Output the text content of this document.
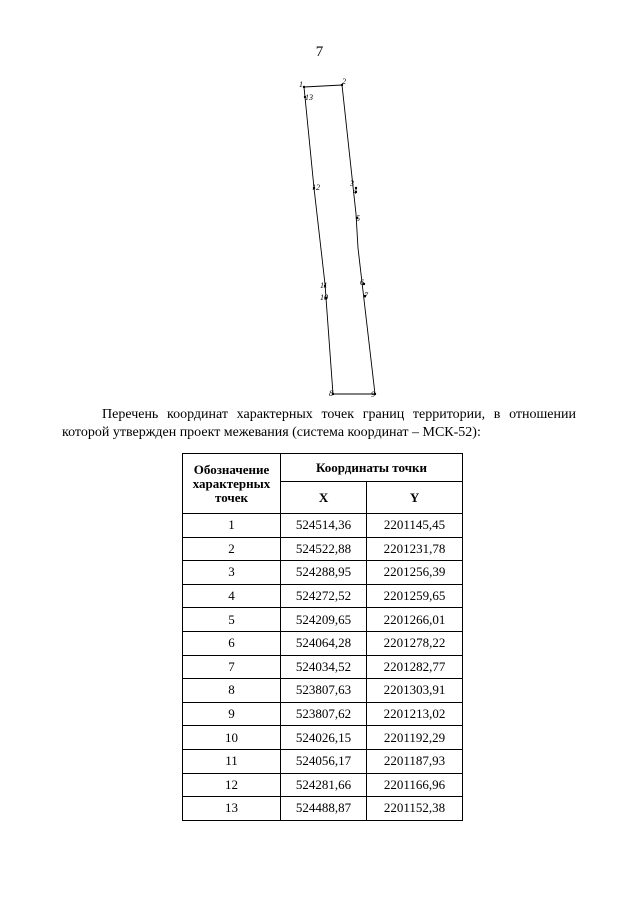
7
1	2
3
4
5
6
7
8	9
10
11
12
13
Перечень координат характерных точек границ территории, в отношении которой утвержден проект межевания (система координат – МСК-52):
Обозначение характерных точек	Координаты точки	
	X	Y
1	524514,36	2201145,45
2	524522,88	2201231,78
3	524288,95	2201256,39
4	524272,52	2201259,65
5	524209,65	2201266,01
6	524064,28	2201278,22
7	524034,52	2201282,77
8	523807,63	2201303,91
9	523807,62	2201213,02
10	524026,15	2201192,29
11	524056,17	2201187,93
12	524281,66	2201166,96
13	524488,87	2201152,38
